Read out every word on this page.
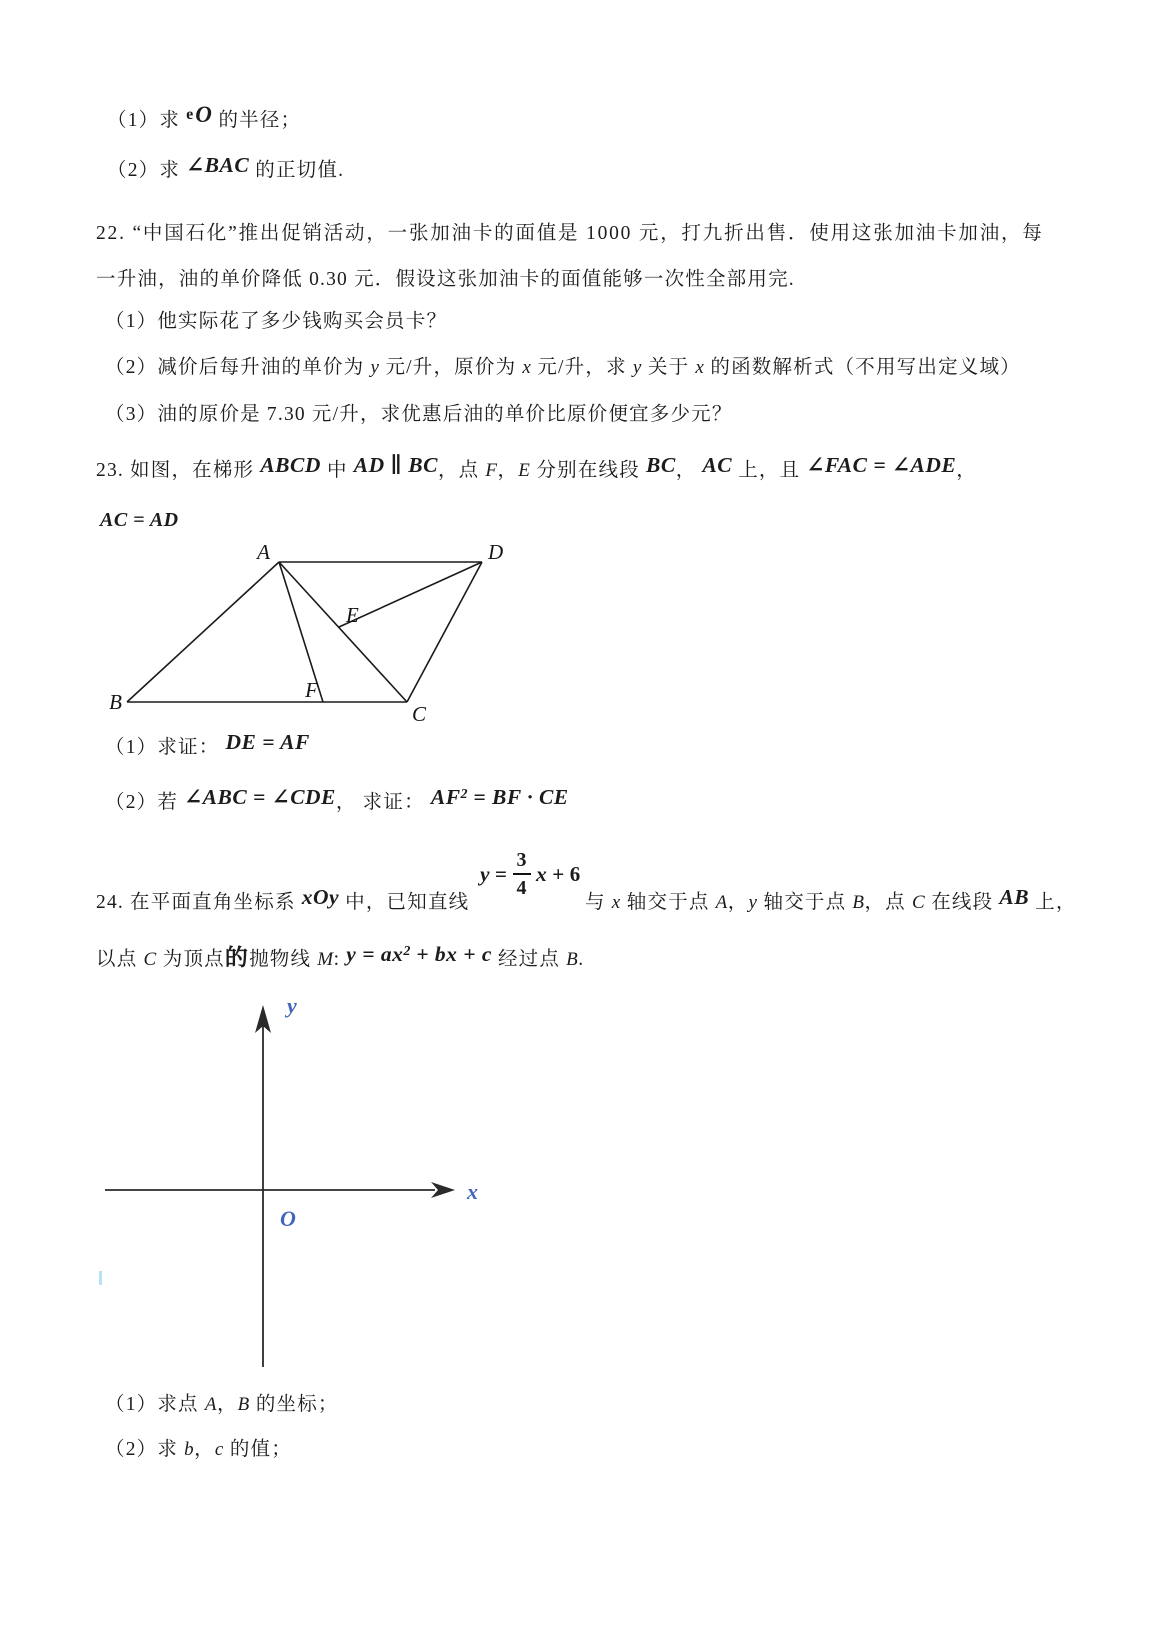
（1）求 $^e$O 的半径；
（2）求 ∠BAC 的正切值.
22. “中国石化”推出促销活动，一张加油卡的面值是 1000 元，打九折出售．使用这张加油卡加油，每
一升油，油的单价降低 0.30 元．假设这张加油卡的面值能够一次性全部用完.
（1）他实际花了多少钱购买会员卡？
（2）减价后每升油的单价为 y 元/升，原价为 x 元/升，求 y 关于 x 的函数解析式（不用写出定义域）
（3）油的原价是 7.30 元/升，求优惠后油的单价比原价便宜多少元？
23. 如图，在梯形 ABCD 中 AD ∥ BC，点 F，E 分别在线段 BC， AC 上，且 ∠FAC = ∠ADE，
AC = AD
A	D
B	C
F
E
（1）求证： DE = AF
（2）若 ∠ABC = ∠CDE， 求证： $AF^2$ = BF · CE
24. 在平面直角坐标系 xOy 中，已知直线
$y = \frac{3}{4}$ x + 6
与 x 轴交于点 A，y 轴交于点 B，点 C 在线段 AB 上，
以点 C 为顶点的抛物线 M: $y = ax^2$ + bx + c 经过点 B.
y
x
O
（1）求点 A，B 的坐标；
（2）求 b，c 的值；
